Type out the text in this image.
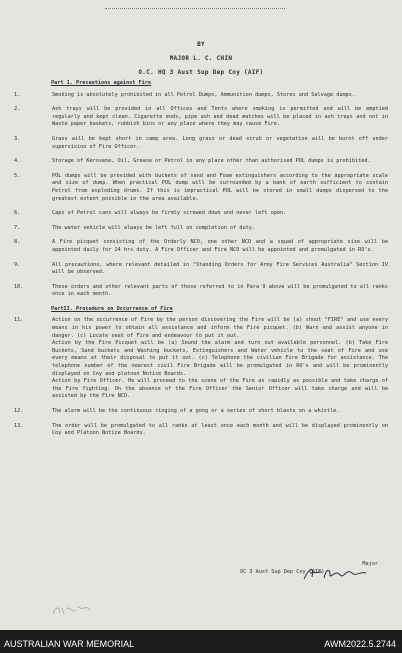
BY
MAJOR L. C. CHIN
O.C. HQ 3 Aust Sup Dep Coy (AIF)
Part 1. Precautions against Fire
1.	Smoking is absolutely prohibited in all Petrol Dumps, Ammunition dumps, Stores and Salvage dumps.
2.	Ash trays will be provided in all Offices and Tents where smoking is permitted and will be emptied regularly and kept clean. Cigarette ends, pipe ash and dead matches will be placed in ash trays and not in Waste paper baskets, rubbish bins or any place where they may cause Fire.
3.	Grass will be kept short in camp area. Long grass or dead scrub or vegetation will be burnt off under supervision of Fire Officer.
4.	Storage of Kerosene, Oil, Grease or Petrol in any place other than authorised POL dumps is prohibited.
5.	POL dumps will be provided with buckets of sand and Foam extinguishers according to the appropriate scale and size of dump. When practical POL dump will be surrounded by a bank of earth sufficient to contain Petrol from exploding drums. If this is impractical POL will be stored in small dumps dispersed to the greatest extent possible in the area available.
6.	Caps of Petrol cans will always be firmly screwed down and never left open.
7.	The water vehicle will always be left full on completion of duty.
8.	A Fire picquet consisting of the Orderly NCO, one other NCO and a squad of appropriate size will be appointed daily for 24 hrs duty. A Fire Officer and Fire NCO will be appointed and promulgated in RO's.
9.	All precautions, where relevant detailed in "Standing Orders for Army Fire Services Australia" Section IV will be observed.
10.	These orders and other relevant parts of those referred to in Para 9 above will be promulgated to all ranks once in each month.
PartII. Procedure on Occurrence of Fire
11.	Action on the occurrence of Fire by the person discovering the Fire will be (a) shout "FIRE" and use every means in his power to obtain all assistance and inform the Fire picquet. (b) Warn and assist anyone in danger. (c) Locate seat of Fire and endeavour to put it out.
Action by the Fire Picquet will be (a) Sound the alarm and turn out available personnel. (b) Take Fire Buckets, Sand buckets and Washing buckets, Extinguishers and Water vehicle to the seat of Fire and use every means at their disposal to put it out. (c) Telephone the civilian Fire Brigade for assistance. The telephone number of the nearest civil Fire Brigade will be promulgated in RO's and will be prominently displayed on Coy and platoon Notice Boards.
Action by Fire Officer. He will proceed to the scene of the Fire as rapidly as possible and take charge of the Fire fighting. On the absence of the Fire Officer the Senior Officer will take charge and will be assisted by the Fire NCO.
12.	The alarm will be the continuous ringing of a gong or a series of short blasts on a whistle.
13.	The order will be promulgated to all ranks at least once each month and will be displayed prominently on Coy and Platoon Notice Boards.
Major
OC 3 Aust Sup Dep Coy (AIF)
AUSTRALIAN WAR MEMORIAL	AWM2022.5.2744
